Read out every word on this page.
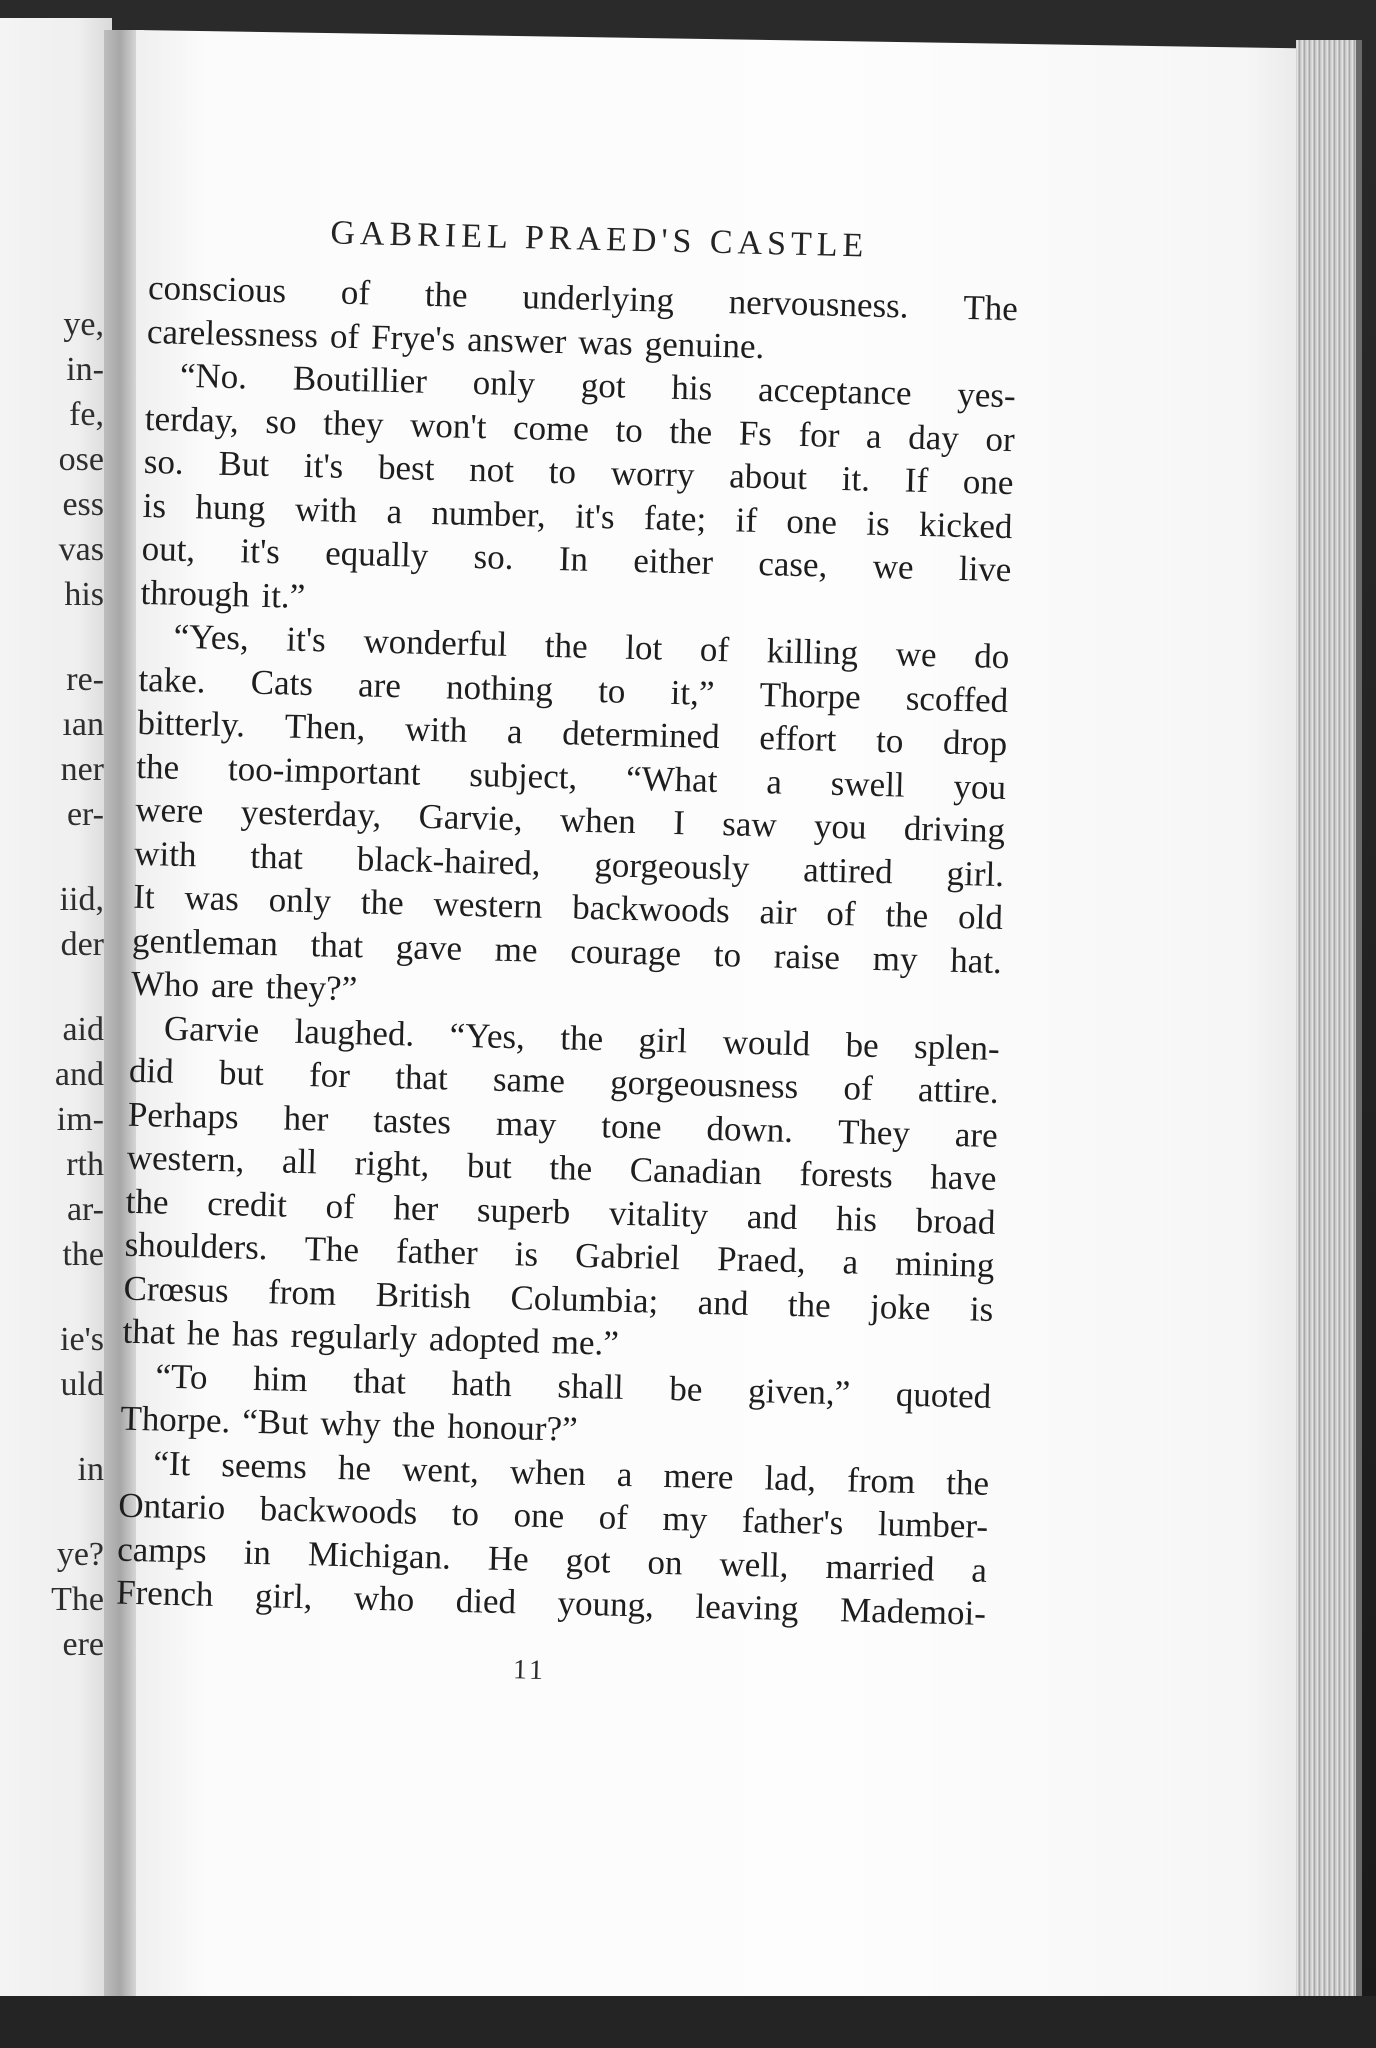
ye,
in-
fe,
ose
ess
vas
his
re-
ıan
ner
er-
iid,
der
aid
and
im-
rth
ar-
the
ie's
uld
in
ye?
The
ere
GABRIEL PRAED'S CASTLE
conscious of the underlying nervousness. The
carelessness of Frye's answer was genuine.
“No. Boutillier only got his acceptance yes-
terday, so they won't come to the Fs for a day or
so. But it's best not to worry about it. If one
is hung with a number, it's fate; if one is kicked
out, it's equally so. In either case, we live
through it.”
“Yes, it's wonderful the lot of killing we do
take. Cats are nothing to it,” Thorpe scoffed
bitterly. Then, with a determined effort to drop
the too-important subject, “What a swell you
were yesterday, Garvie, when I saw you driving
with that black-haired, gorgeously attired girl.
It was only the western backwoods air of the old
gentleman that gave me courage to raise my hat.
Who are they?”
Garvie laughed. “Yes, the girl would be splen-
did but for that same gorgeousness of attire.
Perhaps her tastes may tone down. They are
western, all right, but the Canadian forests have
the credit of her superb vitality and his broad
shoulders. The father is Gabriel Praed, a mining
Crœsus from British Columbia; and the joke is
that he has regularly adopted me.”
“To him that hath shall be given,” quoted
Thorpe. “But why the honour?”
“It seems he went, when a mere lad, from the
Ontario backwoods to one of my father's lumber-
camps in Michigan. He got on well, married a
French girl, who died young, leaving Mademoi-
11
